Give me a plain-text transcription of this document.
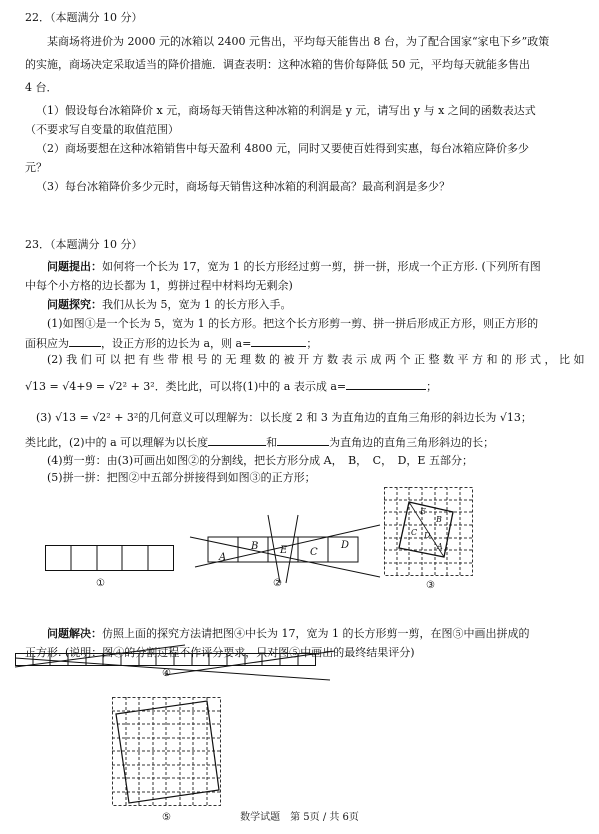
22．（本题满分 10 分）
某商场将进价为 2000 元的冰箱以 2400 元售出，平均每天能售出 8 台，为了配合国家“家电下乡”政策
的实施，商场决定采取适当的降价措施．调查表明：这种冰箱的售价每降低 50 元，平均每天就能多售出
4 台．
（1）假设每台冰箱降价 x 元，商场每天销售这种冰箱的利润是 y 元，请写出 y 与 x 之间的函数表达式
（不要求写自变量的取值范围）
（2）商场要想在这种冰箱销售中每天盈利 4800 元，同时又要使百姓得到实惠，每台冰箱应降价多少
元？
（3）每台冰箱降价多少元时，商场每天销售这种冰箱的利润最高？最高利润是多少？
23．（本题满分 10 分）
问题提出：如何将一个长为 17，宽为 1 的长方形经过剪一剪，拼一拼，形成一个正方形. (下列所有图
中每个小方格的边长都为 1，剪拼过程中材料均无剩余)
问题探究：我们从长为 5，宽为 1 的长方形入手。
(1)如图①是一个长为 5，宽为 1 的长方形。把这个长方形剪一剪、拼一拼后形成正方形，则正方形的
面积应为	，设正方形的边长为 a，则 a=	；
(2) 我 们 可 以 把 有 些 带 根 号 的 无 理 数 的 被 开 方 数 表 示 成 两 个 正 整 数 平 方 和 的 形 式 ， 比 如
√13 = √4+9 = √2² + 3²．类比此，可以将(1)中的 a 表示成 a=	；
(3) √13 = √2² + 3²的几何意义可以理解为：以长度 2 和 3 为直角边的直角三角形的斜边长为 √13；
类比此，(2)中的 a 可以理解为以长度	和	为直角边的直角三角形斜边的长；
(4)剪一剪：由(3)可画出如图②的分割线，把长方形分成 A，　B，　C，　D，E 五部分；
(5)拼一拼：把图②中五部分拼接得到如图③的正方形；
①
A
B E C
D
②
E
B
C D
A
③
问题解决：仿照上面的探究方法请把图④中长为 17，宽为 1 的长方形剪一剪，在图⑤中画出拼成的
正方形. (说明：图④的分割过程不作评分要求，只对图⑤中画出的最终结果评分)
④
⑤	数学试题　第 5页 / 共 6页
